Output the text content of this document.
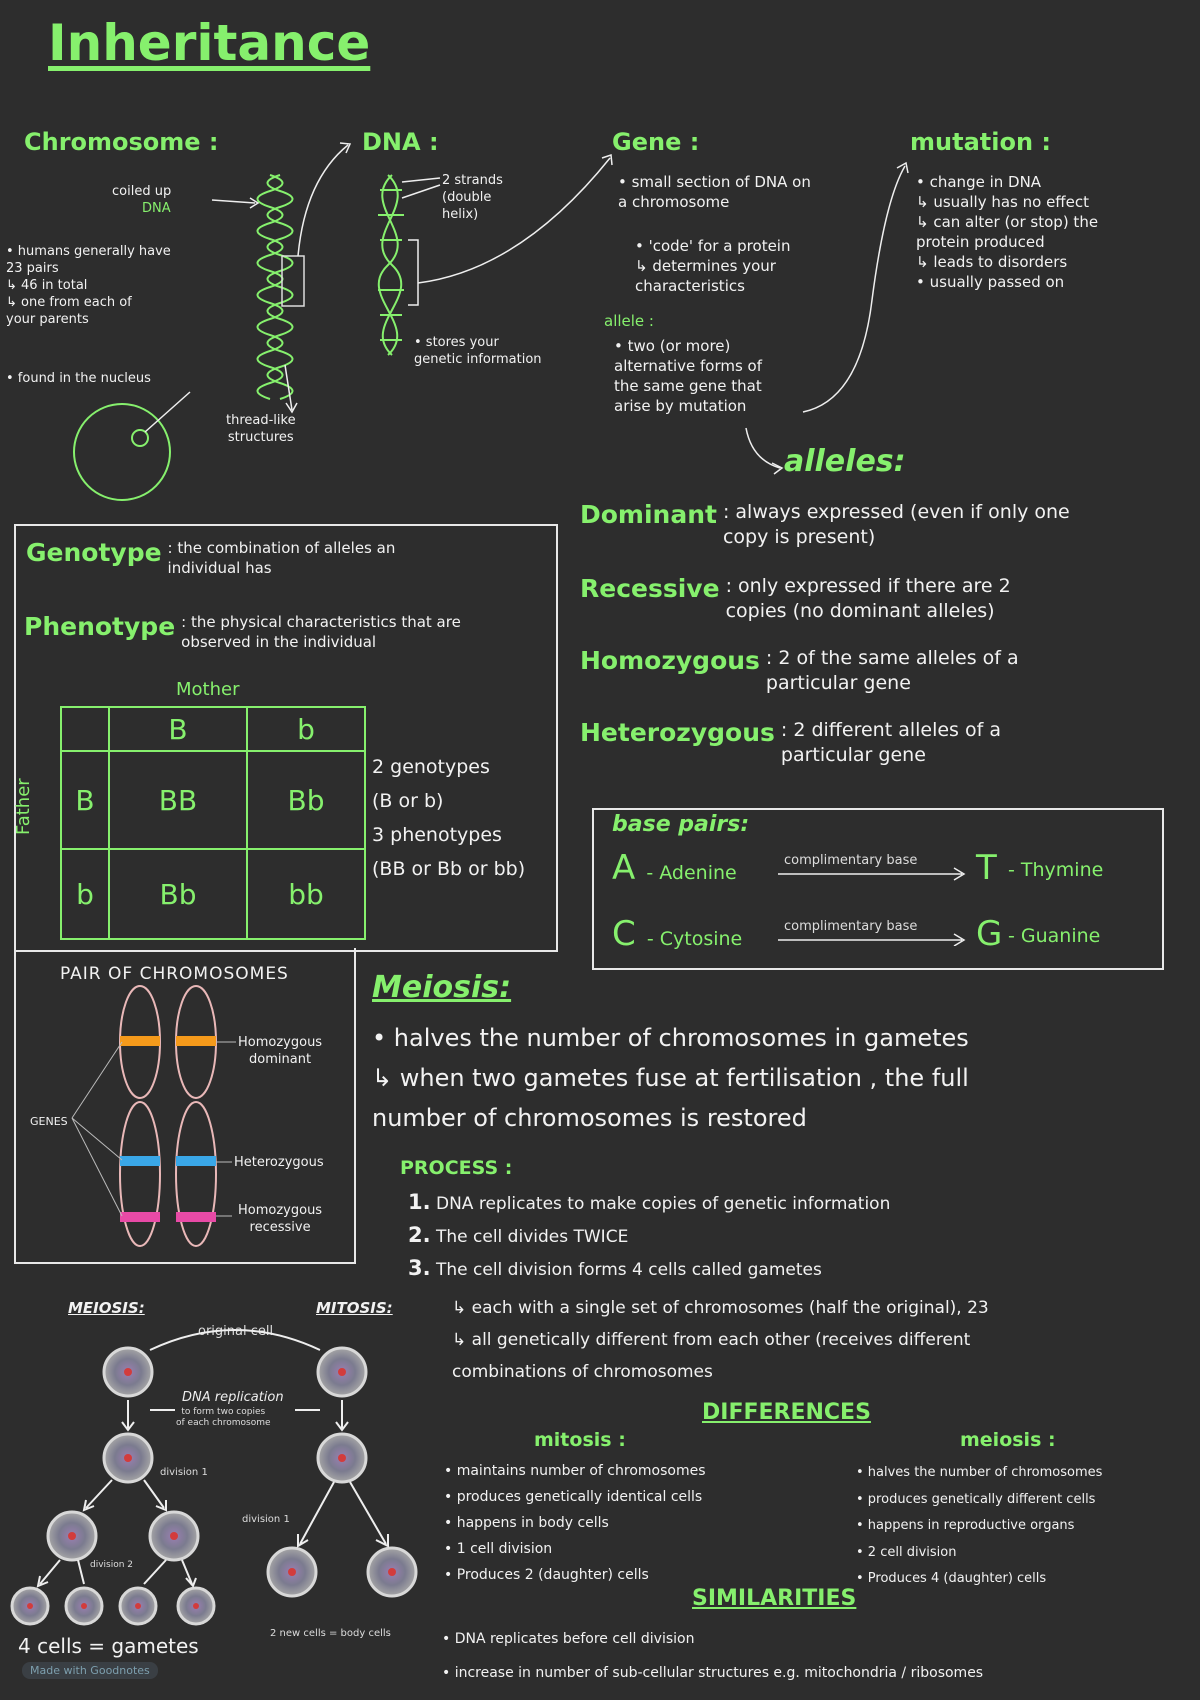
Inheritance
Chromosome :
coiled up
DNA
• humans generally have
23 pairs
↳ 46 in total
↳ one from each of
your parents
• found in the nucleus
thread-like
structures
DNA :
2 strands
(double
helix)
• stores your
genetic information
Gene :
• small section of DNA on
a chromosome
• 'code' for a protein
↳ determines your
characteristics
allele :
• two (or more)
alternative forms of
the same gene that
arise by mutation
mutation :
• change in DNA
↳ usually has no effect
↳ can alter (or stop) the
protein produced
↳ leads to disorders
• usually passed on
alleles:
Dominant : always expressed (even if only one
copy is present)
Recessive : only expressed if there are 2
copies (no dominant alleles)
Homozygous : 2 of the same alleles of a
particular gene
Heterozygous : 2 different alleles of a
particular gene
Genotype : the combination of alleles an
individual has
Phenotype : the physical characteristics that are
observed in the individual
Mother
Father
	B	b
B	BB	Bb
b	Bb	bb
2 genotypes
(B or b)
3 phenotypes
(BB or Bb or bb)
base pairs:
A - Adenine
complimentary base T - Thymine
C - Cytosine
complimentary base G - Guanine
PAIR OF CHROMOSOMES
GENES
Homozygous
dominant
Heterozygous
Homozygous
recessive
Meiosis:
• halves the number of chromosomes in gametes
↳ when two gametes fuse at fertilisation , the full
number of chromosomes is restored
PROCESS :
1. DNA replicates to make copies of genetic information
2. The cell divides TWICE
3. The cell division forms 4 cells called gametes
↳ each with a single set of chromosomes (half the original), 23
↳ all genetically different from each other (receives different
combinations of chromosomes
MEIOSIS:	MITOSIS:
original cell
DNA replication
to form two copies
of each chromosome
division 1
division 1
division 2
4 cells = gametes
2 new cells = body cells
Made with Goodnotes
DIFFERENCES
mitosis :
• maintains number of chromosomes
• produces genetically identical cells
• happens in body cells
• 1 cell division
• Produces 2 (daughter) cells
meiosis :
• halves the number of chromosomes
• produces genetically different cells
• happens in reproductive organs
• 2 cell division
• Produces 4 (daughter) cells
SIMILARITIES
• DNA replicates before cell division
• increase in number of sub-cellular structures e.g. mitochondria / ribosomes
